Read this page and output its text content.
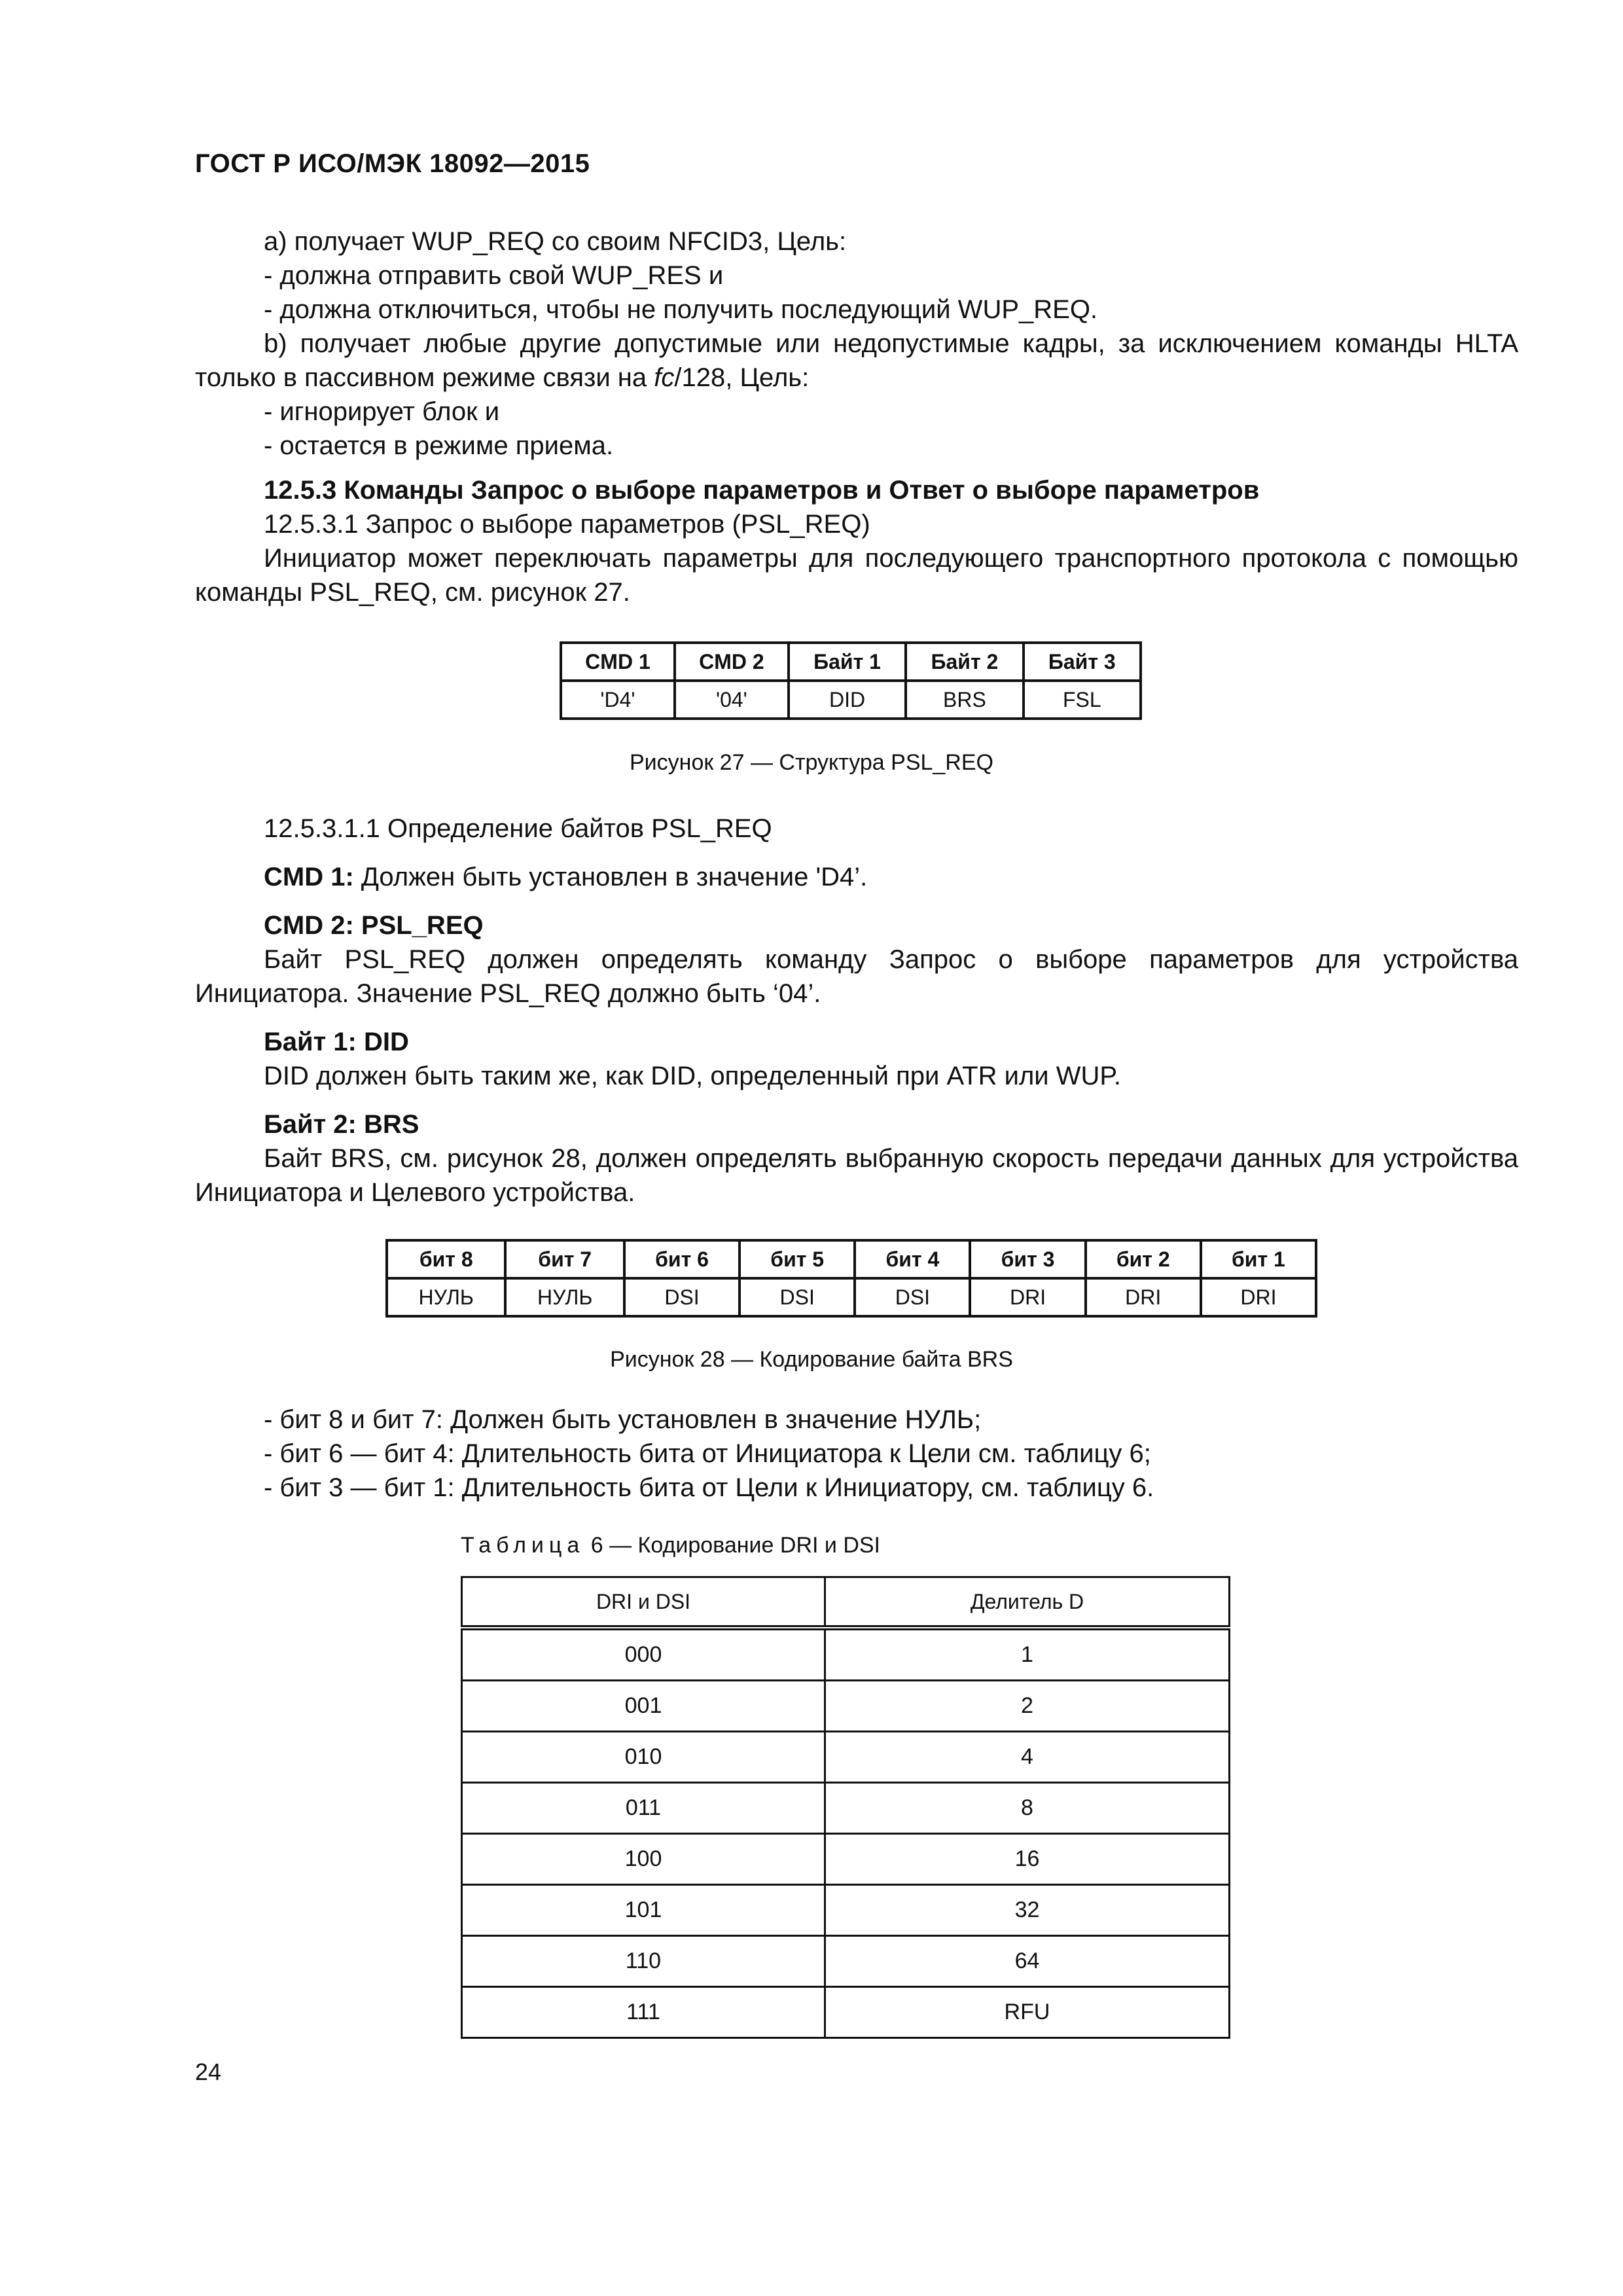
ГОСТ Р ИСО/МЭК 18092—2015

a) получает WUP_REQ со своим NFCID3, Цель:

- должна отправить свой WUP_RES и

- должна отключиться, чтобы не получить последующий WUP_REQ.

b) получает любые другие допустимые или недопустимые кадры, за исключением команды HLTA только в пассивном режиме связи на fc/128, Цель:

- игнорирует блок и

- остается в режиме приема.

12.5.3 Команды Запрос о выборе параметров и Ответ о выборе параметров

12.5.3.1 Запрос о выборе параметров (PSL_REQ)

Инициатор может переключать параметры для последующего транспортного протокола с помощью команды PSL_REQ, см. рисунок 27.

CMD 1	CMD 2	Байт 1	Байт 2	Байт 3
'D4'	'04'	DID	BRS	FSL
Рисунок 27 — Структура PSL_REQ

12.5.3.1.1 Определение байтов PSL_REQ

CMD 1: Должен быть установлен в значение 'D4’.

CMD 2: PSL_REQ

Байт PSL_REQ должен определять команду Запрос о выборе параметров для устройства Инициатора. Значение PSL_REQ должно быть ‘04’.

Байт 1: DID

DID должен быть таким же, как DID, определенный при ATR или WUP.

Байт 2: BRS

Байт BRS, см. рисунок 28, должен определять выбранную скорость передачи данных для устройства Инициатора и Целевого устройства.

бит 8	бит 7	бит 6	бит 5	бит 4	бит 3	бит 2	бит 1
НУЛЬ	НУЛЬ	DSI	DSI	DSI	DRI	DRI	DRI
Рисунок 28 — Кодирование байта BRS

- бит 8 и бит 7: Должен быть установлен в значение НУЛЬ;

- бит 6 — бит 4: Длительность бита от Инициатора к Цели см. таблицу 6;

- бит 3 — бит 1: Длительность бита от Цели к Инициатору, см. таблицу 6.

Таблица 6 — Кодирование DRI и DSI
DRI и DSI	Делитель D
000	1
001	2
010	4
011	8
100	16
101	32
110	64
111	RFU
24
